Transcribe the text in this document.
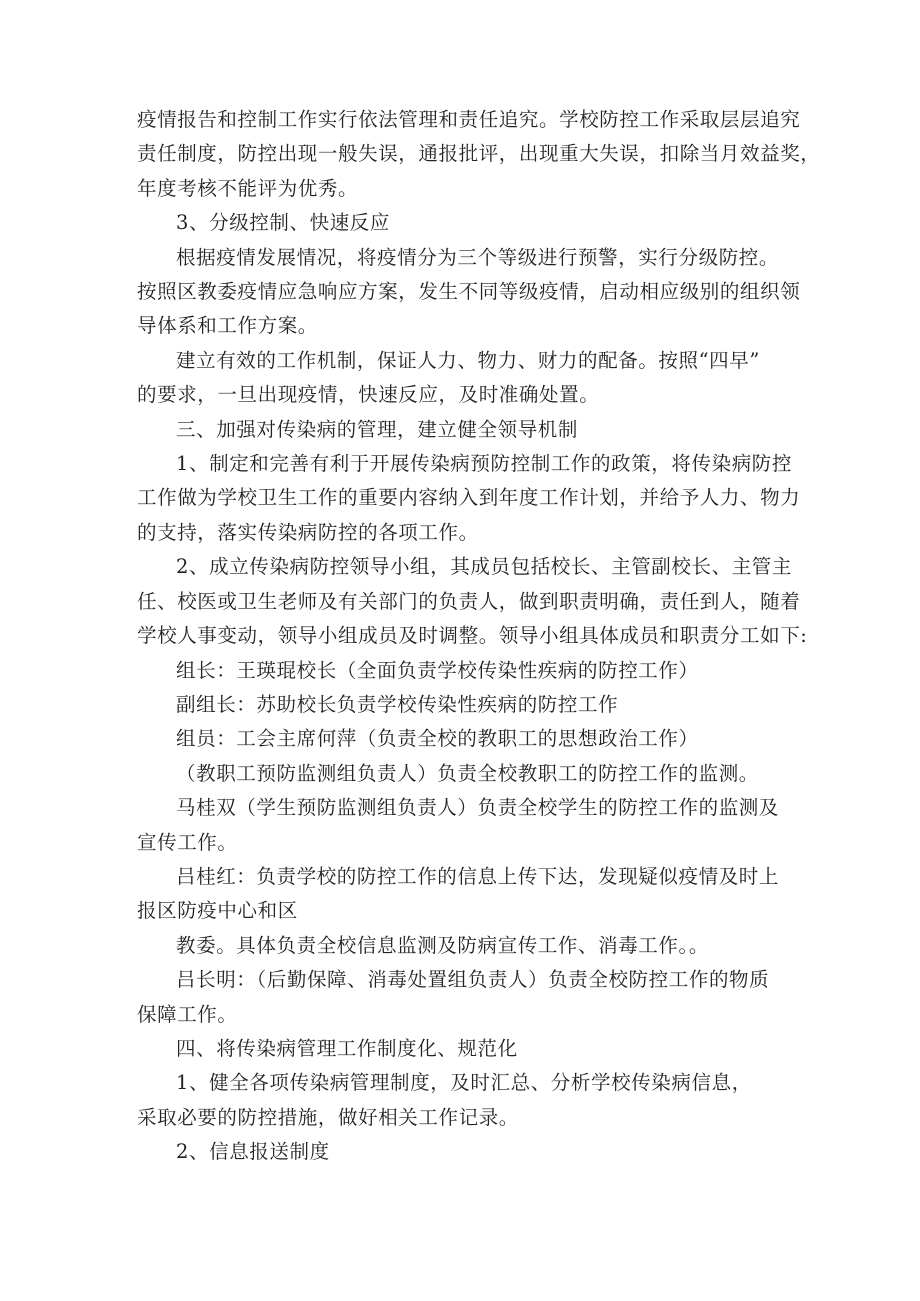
疫情报告和控制工作实行依法管理和责任追究。学校防控工作采取层层追究
责任制度，防控出现一般失误，通报批评，出现重大失误，扣除当月效益奖，
年度考核不能评为优秀。
3、分级控制、快速反应
根据疫情发展情况，将疫情分为三个等级进行预警，实行分级防控。
按照区教委疫情应急响应方案，发生不同等级疫情，启动相应级别的组织领
导体系和工作方案。
建立有效的工作机制，保证人力、物力、财力的配备。按照“四早”
的要求，一旦出现疫情，快速反应，及时准确处置。
三、加强对传染病的管理，建立健全领导机制
1、制定和完善有利于开展传染病预防控制工作的政策，将传染病防控
工作做为学校卫生工作的重要内容纳入到年度工作计划，并给予人力、物力
的支持，落实传染病防控的各项工作。
2、成立传染病防控领导小组，其成员包括校长、主管副校长、主管主
任、校医或卫生老师及有关部门的负责人，做到职责明确，责任到人，随着
学校人事变动，领导小组成员及时调整。领导小组具体成员和职责分工如下:
组长：王瑛琨校长（全面负责学校传染性疾病的防控工作）
副组长：苏助校长负责学校传染性疾病的防控工作
组员：工会主席何萍（负责全校的教职工的思想政治工作）
（教职工预防监测组负责人）负责全校教职工的防控工作的监测。
马桂双（学生预防监测组负责人）负责全校学生的防控工作的监测及
宣传工作。
吕桂红：负责学校的防控工作的信息上传下达，发现疑似疫情及时上
报区防疫中心和区
教委。具体负责全校信息监测及防病宣传工作、消毒工作。。
吕长明：（后勤保障、消毒处置组负责人）负责全校防控工作的物质
保障工作。
四、将传染病管理工作制度化、规范化
1、健全各项传染病管理制度，及时汇总、分析学校传染病信息，
采取必要的防控措施，做好相关工作记录。
2、信息报送制度
